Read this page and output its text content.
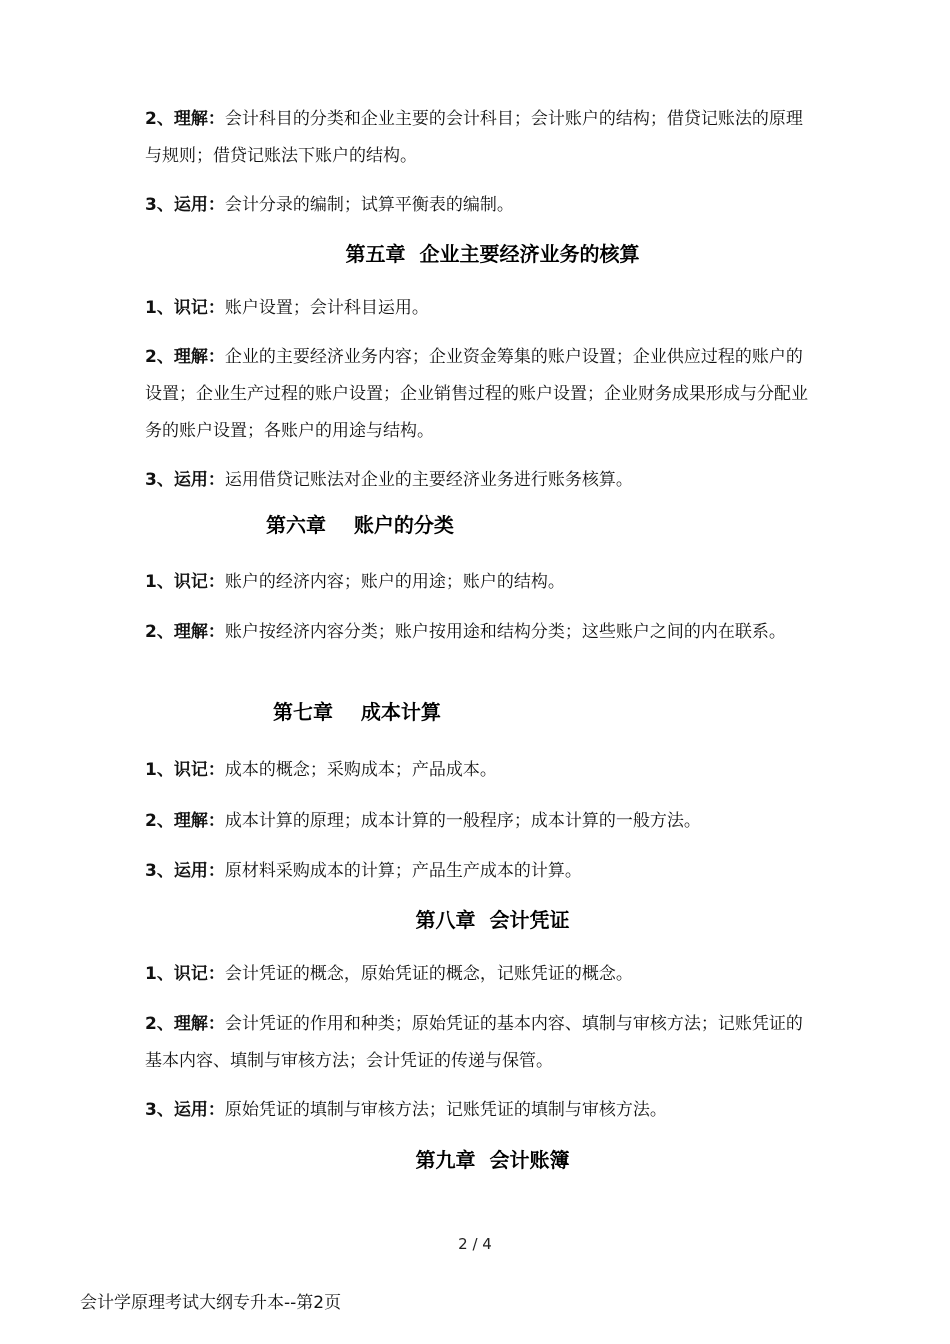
2、理解：会计科目的分类和企业主要的会计科目；会计账户的结构；借贷记账法的原理与规则；借贷记账法下账户的结构。

3、运用：会计分录的编制；试算平衡表的编制。

第五章  企业主要经济业务的核算

1、识记：账户设置；会计科目运用。

2、理解：企业的主要经济业务内容；企业资金筹集的账户设置；企业供应过程的账户的设置；企业生产过程的账户设置；企业销售过程的账户设置；企业财务成果形成与分配业务的账户设置；各账户的用途与结构。

3、运用：运用借贷记账法对企业的主要经济业务进行账务核算。

第六章    账户的分类

1、识记：账户的经济内容；账户的用途；账户的结构。

2、理解：账户按经济内容分类；账户按用途和结构分类；这些账户之间的内在联系。

第七章    成本计算

1、识记：成本的概念；采购成本；产品成本。

2、理解：成本计算的原理；成本计算的一般程序；成本计算的一般方法。

3、运用：原材料采购成本的计算；产品生产成本的计算。

第八章  会计凭证

1、识记：会计凭证的概念，原始凭证的概念，记账凭证的概念。

2、理解：会计凭证的作用和种类；原始凭证的基本内容、填制与审核方法；记账凭证的基本内容、填制与审核方法；会计凭证的传递与保管。

3、运用：原始凭证的填制与审核方法；记账凭证的填制与审核方法。

第九章  会计账簿
2 / 4
会计学原理考试大纲专升本--第2页
